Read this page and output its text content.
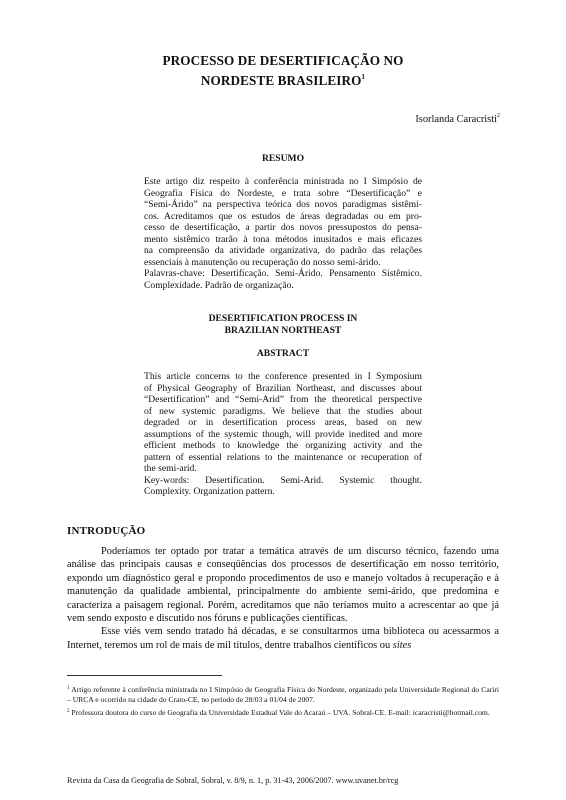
PROCESSO DE DESERTIFICAÇÃO NO
NORDESTE BRASILEIRO$^1$
Isorlanda Caracristi$^2$
RESUMO

Este artigo diz respeito à conferência ministrada no I Simpósio de

Geografia Física do Nordeste, e trata sobre “Desertificação” e

“Semi-Árido” na perspectiva teórica dos novos paradigmas sistêmi-

cos. Acreditamos que os estudos de áreas degradadas ou em pro-

cesso de desertificação, a partir dos novos pressupostos do pensa-

mento sistêmico trarão à tona métodos inusitados e mais eficazes

na compreensão da atividade organizativa, do padrão das relações

essenciais à manutenção ou recuperação do nosso semi-árido.

Palavras-chave: Desertificação. Semi-Árido. Pensamento Sistêmico.

Complexidade. Padrão de organização.

DESERTIFICATION PROCESS IN
BRAZILIAN NORTHEAST
ABSTRACT

This article concerns to the conference presented in I Symposium

of Physical Geography of Brazilian Northeast, and discusses about

“Desertification” and “Semi-Arid” from the theoretical perspective

of new systemic paradigms. We believe that the studies about

degraded or in desertification process areas, based on new

assumptions of the systemic though, will provide inedited and more

efficient methods to knowledge the organizing activity and the

pattern of essential relations to the maintenance or recuperation of

the semi-arid.

Key-words: Desertification. Semi-Arid. Systemic thought.

Complexity. Organization pattern.

INTRODUÇÃO

Poderíamos ter optado por tratar a temática através de um discurso técnico, fazendo uma análise das principais causas e conseqüências dos processos de desertificação em nosso território, expondo um diagnóstico geral e propondo procedimentos de uso e manejo voltados à recuperação e à manutenção da qualidade ambiental, principalmente do ambiente semi-árido, que predomina e caracteriza a paisagem regional. Porém, acreditamos que não teríamos muito a acrescentar ao que já vem sendo exposto e discutido nos fóruns e publicações científicas.

Esse viés vem sendo tratado há décadas, e se consultarmos uma biblioteca ou acessarmos a Internet, teremos um rol de mais de mil títulos, dentre trabalhos científicos ou sites

$^1$ Artigo referente à conferência ministrada no I Simpósio de Geografia Física do Nordeste, organizado pela Universidade Regional do Cariri – URCA e ocorrido na cidade do Crato-CE, no período de 28/03 a 01/04 de 2007.

$^2$ Professora doutora do curso de Geografia da Universidade Estadual Vale do Acaraú – UVA. Sobral-CE. E-mail: icaracristi@hotmail.com.

Revista da Casa da Geografia de Sobral, Sobral, v. 8/9, n. 1, p. 31-43, 2006/2007. www.uvanet.br/rcg
